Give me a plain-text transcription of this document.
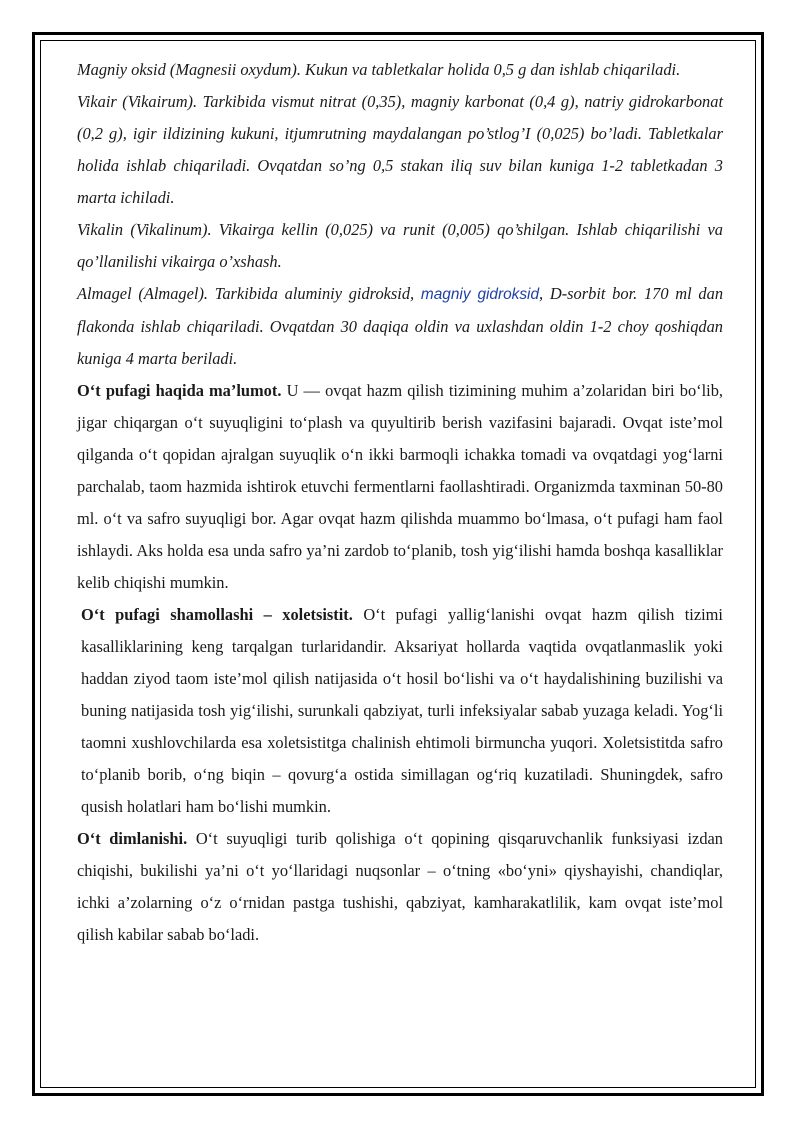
Magniy oksid (Magnesii oxydum). Kukun va tabletkalar holida 0,5 g dan ishlab chiqariladi.

Vikair (Vikairum). Tarkibida vismut nitrat (0,35), magniy karbonat (0,4 g), natriy gidrokarbonat (0,2 g), igir ildizining kukuni, itjumrutning maydalangan po’stlog’I (0,025) bo’ladi. Tabletkalar holida ishlab chiqariladi. Ovqatdan so’ng 0,5 stakan iliq suv bilan kuniga 1-2 tabletkadan 3 marta ichiladi.

Vikalin (Vikalinum). Vikairga kellin (0,025) va runit (0,005) qo’shilgan. Ishlab chiqarilishi va qo’llanilishi vikairga o’xshash.

Almagel (Almagel). Tarkibida aluminiy gidroksid, magniy gidroksid, D-sorbit bor. 170 ml dan flakonda ishlab chiqariladi. Ovqatdan 30 daqiqa oldin va uxlashdan oldin 1-2 choy qoshiqdan kuniga 4 marta beriladi.

O‘t pufagi haqida ma’lumot. U — ovqat hazm qilish tizimining muhim a’zolaridan biri bo‘lib, jigar chiqargan o‘t suyuqligini to‘plash va quyultirib berish vazifasini bajaradi. Ovqat iste’mol qilganda o‘t qopidan ajralgan suyuqlik o‘n ikki barmoqli ichakka tomadi va ovqatdagi yog‘larni parchalab, taom hazmida ishtirok etuvchi fermentlarni faollashtiradi. Organizmda taxminan 50-80 ml. o‘t va safro suyuqligi bor. Agar ovqat hazm qilishda muammo bo‘lmasa, o‘t pufagi ham faol ishlaydi. Aks holda esa unda safro ya’ni zardob to‘planib, tosh yig‘ilishi hamda boshqa kasalliklar kelib chiqishi mumkin.

O‘t pufagi shamollashi – xoletsistit. O‘t pufagi yallig‘lanishi ovqat hazm qilish tizimi kasalliklarining keng tarqalgan turlaridandir. Aksariyat hollarda vaqtida ovqatlanmaslik yoki haddan ziyod taom iste’mol qilish natijasida o‘t hosil bo‘lishi va o‘t haydalishining buzilishi va buning natijasida tosh yig‘ilishi, surunkali qabziyat, turli infeksiyalar sabab yuzaga keladi. Yog‘li taomni xushlovchilarda esa xoletsistitga chalinish ehtimoli birmuncha yuqori. Xoletsistitda safro to‘planib borib, o‘ng biqin – qovurg‘a ostida simillagan og‘riq kuzatiladi. Shuningdek, safro qusish holatlari ham bo‘lishi mumkin.

O‘t dimlanishi. O‘t suyuqligi turib qolishiga o‘t qopining qisqaruvchanlik funksiyasi izdan chiqishi, bukilishi ya’ni o‘t yo‘llaridagi nuqsonlar – o‘tning «bo‘yni» qiyshayishi, chandiqlar, ichki a’zolarning o‘z o‘rnidan pastga tushishi, qabziyat, kamharakatlilik, kam ovqat iste’mol qilish kabilar sabab bo‘ladi.
